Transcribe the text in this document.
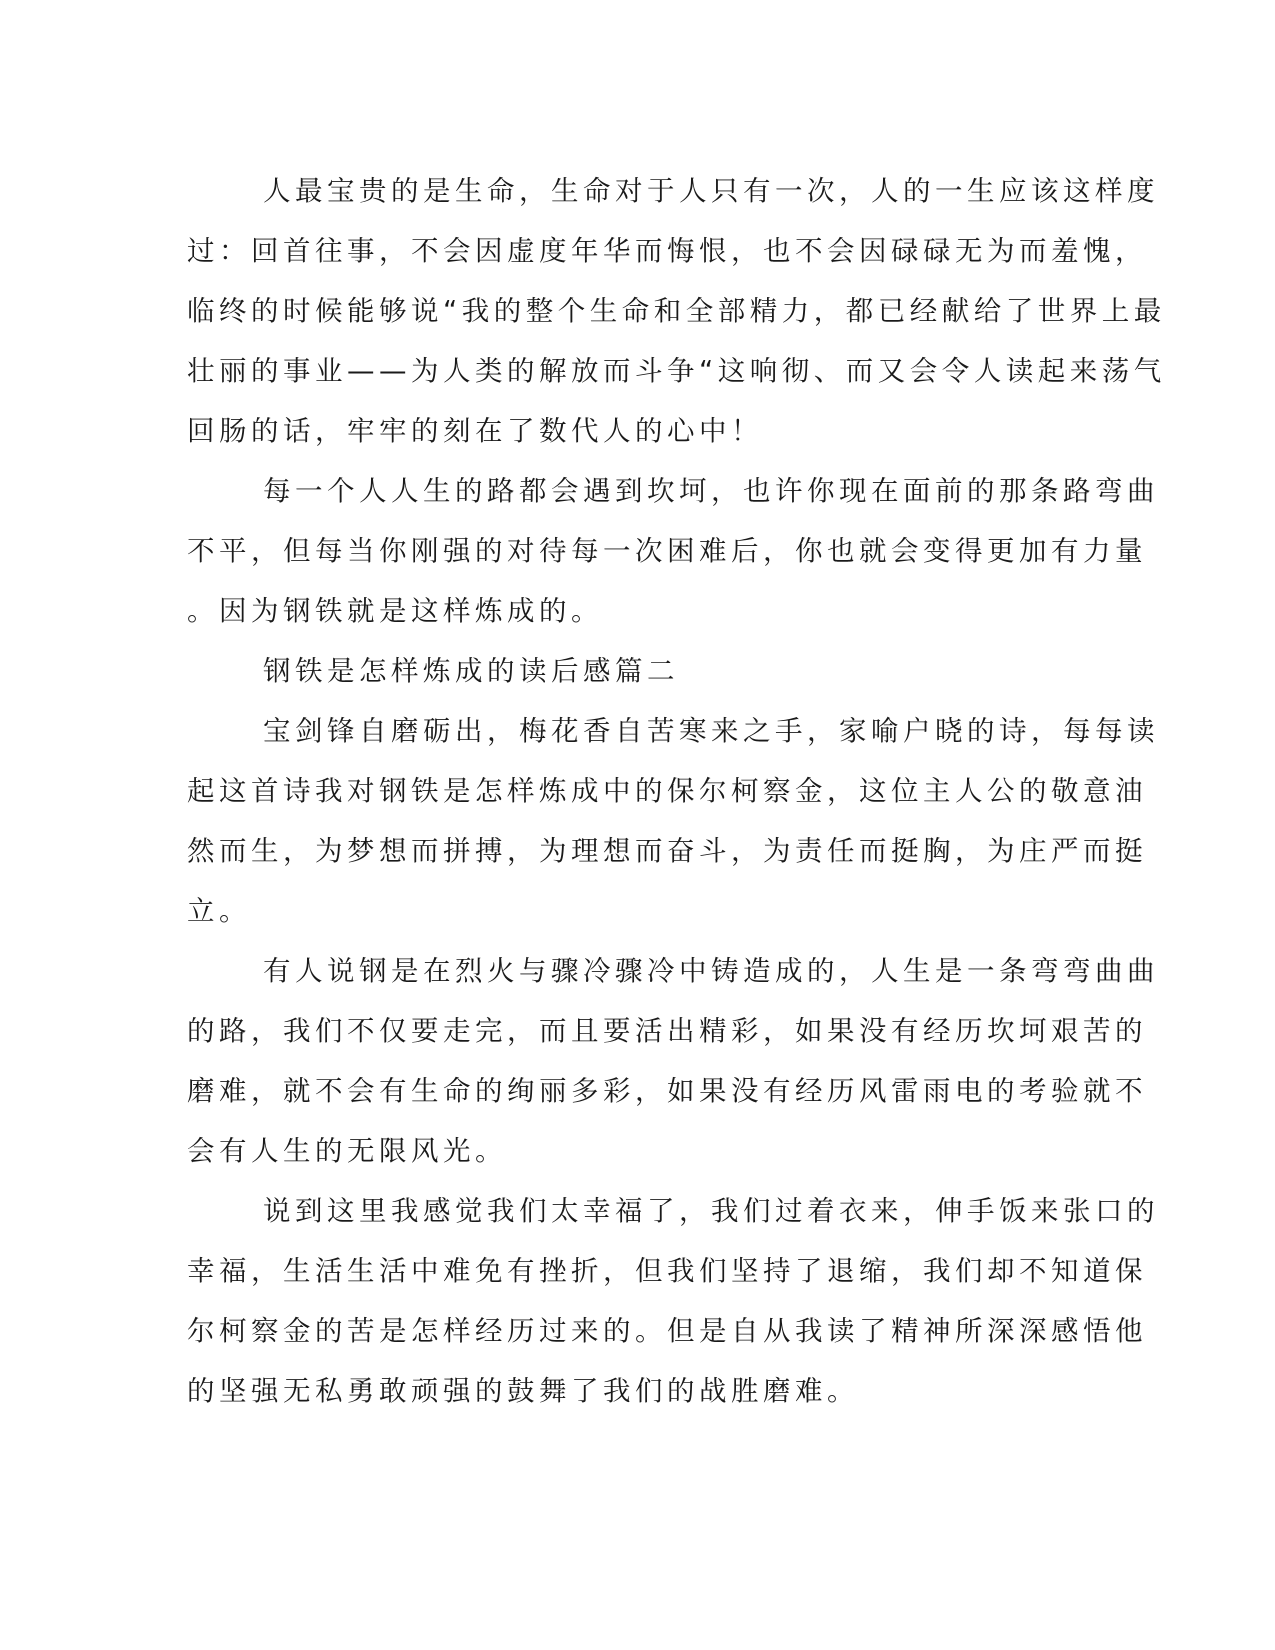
人最宝贵的是生命，生命对于人只有一次，人的一生应该这样度
过：回首往事，不会因虚度年华而悔恨，也不会因碌碌无为而羞愧，
临终的时候能够说“我的整个生命和全部精力，都已经献给了世界上最
壮丽的事业——为人类的解放而斗争“这响彻、而又会令人读起来荡气
回肠的话，牢牢的刻在了数代人的心中！
每一个人人生的路都会遇到坎坷，也许你现在面前的那条路弯曲
不平，但每当你刚强的对待每一次困难后，你也就会变得更加有力量
。因为钢铁就是这样炼成的。
钢铁是怎样炼成的读后感篇二
宝剑锋自磨砺出，梅花香自苦寒来之手，家喻户晓的诗，每每读
起这首诗我对钢铁是怎样炼成中的保尔柯察金，这位主人公的敬意油
然而生，为梦想而拼搏，为理想而奋斗，为责任而挺胸，为庄严而挺
立。
有人说钢是在烈火与骤冷骤冷中铸造成的，人生是一条弯弯曲曲
的路，我们不仅要走完，而且要活出精彩，如果没有经历坎坷艰苦的
磨难，就不会有生命的绚丽多彩，如果没有经历风雷雨电的考验就不
会有人生的无限风光。
说到这里我感觉我们太幸福了，我们过着衣来，伸手饭来张口的
幸福，生活生活中难免有挫折，但我们坚持了退缩，我们却不知道保
尔柯察金的苦是怎样经历过来的。但是自从我读了精神所深深感悟他
的坚强无私勇敢顽强的鼓舞了我们的战胜磨难。
